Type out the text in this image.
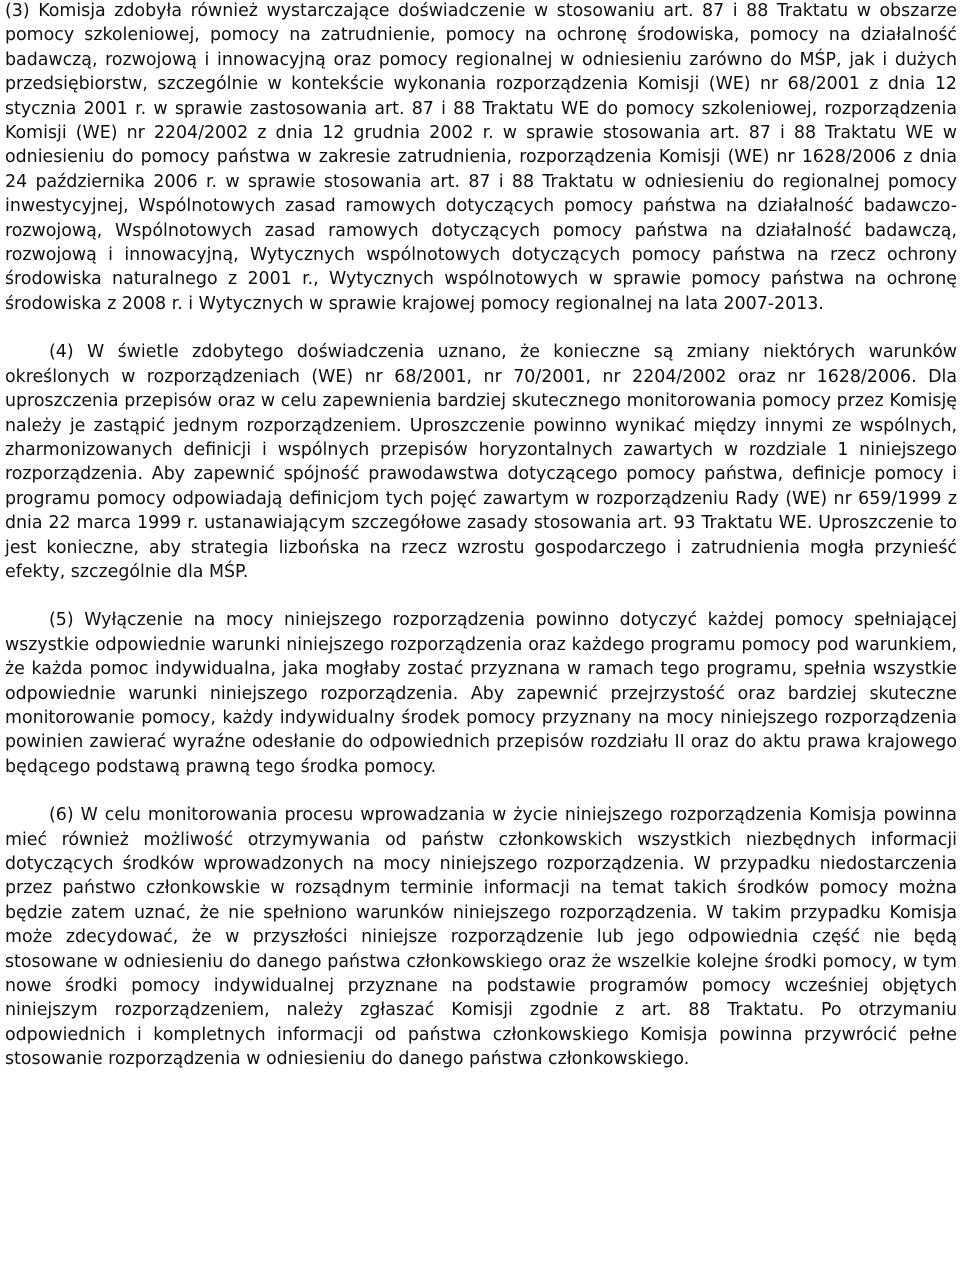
(3) Komisja zdobyła również wystarczające doświadczenie w stosowaniu art. 87 i 88 Traktatu w obszarze pomocy szkoleniowej, pomocy na zatrudnienie, pomocy na ochronę środowiska, pomocy na działalność badawczą, rozwojową i innowacyjną oraz pomocy regionalnej w odniesieniu zarówno do MŚP, jak i dużych przedsiębiorstw, szczególnie w kontekście wykonania rozporządzenia Komisji (WE) nr 68/2001 z dnia 12 stycznia 2001 r. w sprawie zastosowania art. 87 i 88 Traktatu WE do pomocy szkoleniowej, rozporządzenia Komisji (WE) nr 2204/2002 z dnia 12 grudnia 2002 r. w sprawie stosowania art. 87 i 88 Traktatu WE w odniesieniu do pomocy państwa w zakresie zatrudnienia, rozporządzenia Komisji (WE) nr 1628/2006 z dnia 24 października 2006 r. w sprawie stosowania art. 87 i 88 Traktatu w odniesieniu do regionalnej pomocy inwestycyjnej, Wspólnotowych zasad ramowych dotyczących pomocy państwa na działalność badawczo-rozwojową, Wspólnotowych zasad ramowych dotyczących pomocy państwa na działalność badawczą, rozwojową i innowacyjną, Wytycznych wspólnotowych dotyczących pomocy państwa na rzecz ochrony środowiska naturalnego z 2001 r., Wytycznych wspólnotowych w sprawie pomocy państwa na ochronę środowiska z 2008 r. i Wytycznych w sprawie krajowej pomocy regionalnej na lata 2007-2013.

(4) W świetle zdobytego doświadczenia uznano, że konieczne są zmiany niektórych warunków określonych w rozporządzeniach (WE) nr 68/2001, nr 70/2001, nr 2204/2002 oraz nr 1628/2006. Dla uproszczenia przepisów oraz w celu zapewnienia bardziej skutecznego monitorowania pomocy przez Komisję należy je zastąpić jednym rozporządzeniem. Uproszczenie powinno wynikać między innymi ze wspólnych, zharmonizowanych definicji i wspólnych przepisów horyzontalnych zawartych w rozdziale 1 niniejszego rozporządzenia. Aby zapewnić spójność prawodawstwa dotyczącego pomocy państwa, definicje pomocy i programu pomocy odpowiadają definicjom tych pojęć zawartym w rozporządzeniu Rady (WE) nr 659/1999 z dnia 22 marca 1999 r. ustanawiającym szczegółowe zasady stosowania art. 93 Traktatu WE. Uproszczenie to jest konieczne, aby strategia lizbońska na rzecz wzrostu gospodarczego i zatrudnienia mogła przynieść efekty, szczególnie dla MŚP.

(5) Wyłączenie na mocy niniejszego rozporządzenia powinno dotyczyć każdej pomocy spełniającej wszystkie odpowiednie warunki niniejszego rozporządzenia oraz każdego programu pomocy pod warunkiem, że każda pomoc indywidualna, jaka mogłaby zostać przyznana w ramach tego programu, spełnia wszystkie odpowiednie warunki niniejszego rozporządzenia. Aby zapewnić przejrzystość oraz bardziej skuteczne monitorowanie pomocy, każdy indywidualny środek pomocy przyznany na mocy niniejszego rozporządzenia powinien zawierać wyraźne odesłanie do odpowiednich przepisów rozdziału II oraz do aktu prawa krajowego będącego podstawą prawną tego środka pomocy.

(6) W celu monitorowania procesu wprowadzania w życie niniejszego rozporządzenia Komisja powinna mieć również możliwość otrzymywania od państw członkowskich wszystkich niezbędnych informacji dotyczących środków wprowadzonych na mocy niniejszego rozporządzenia. W przypadku niedostarczenia przez państwo członkowskie w rozsądnym terminie informacji na temat takich środków pomocy można będzie zatem uznać, że nie spełniono warunków niniejszego rozporządzenia. W takim przypadku Komisja może zdecydować, że w przyszłości niniejsze rozporządzenie lub jego odpowiednia część nie będą stosowane w odniesieniu do danego państwa członkowskiego oraz że wszelkie kolejne środki pomocy, w tym nowe środki pomocy indywidualnej przyznane na podstawie programów pomocy wcześniej objętych niniejszym rozporządzeniem, należy zgłaszać Komisji zgodnie z art. 88 Traktatu. Po otrzymaniu odpowiednich i kompletnych informacji od państwa członkowskiego Komisja powinna przywrócić pełne stosowanie rozporządzenia w odniesieniu do danego państwa członkowskiego.
